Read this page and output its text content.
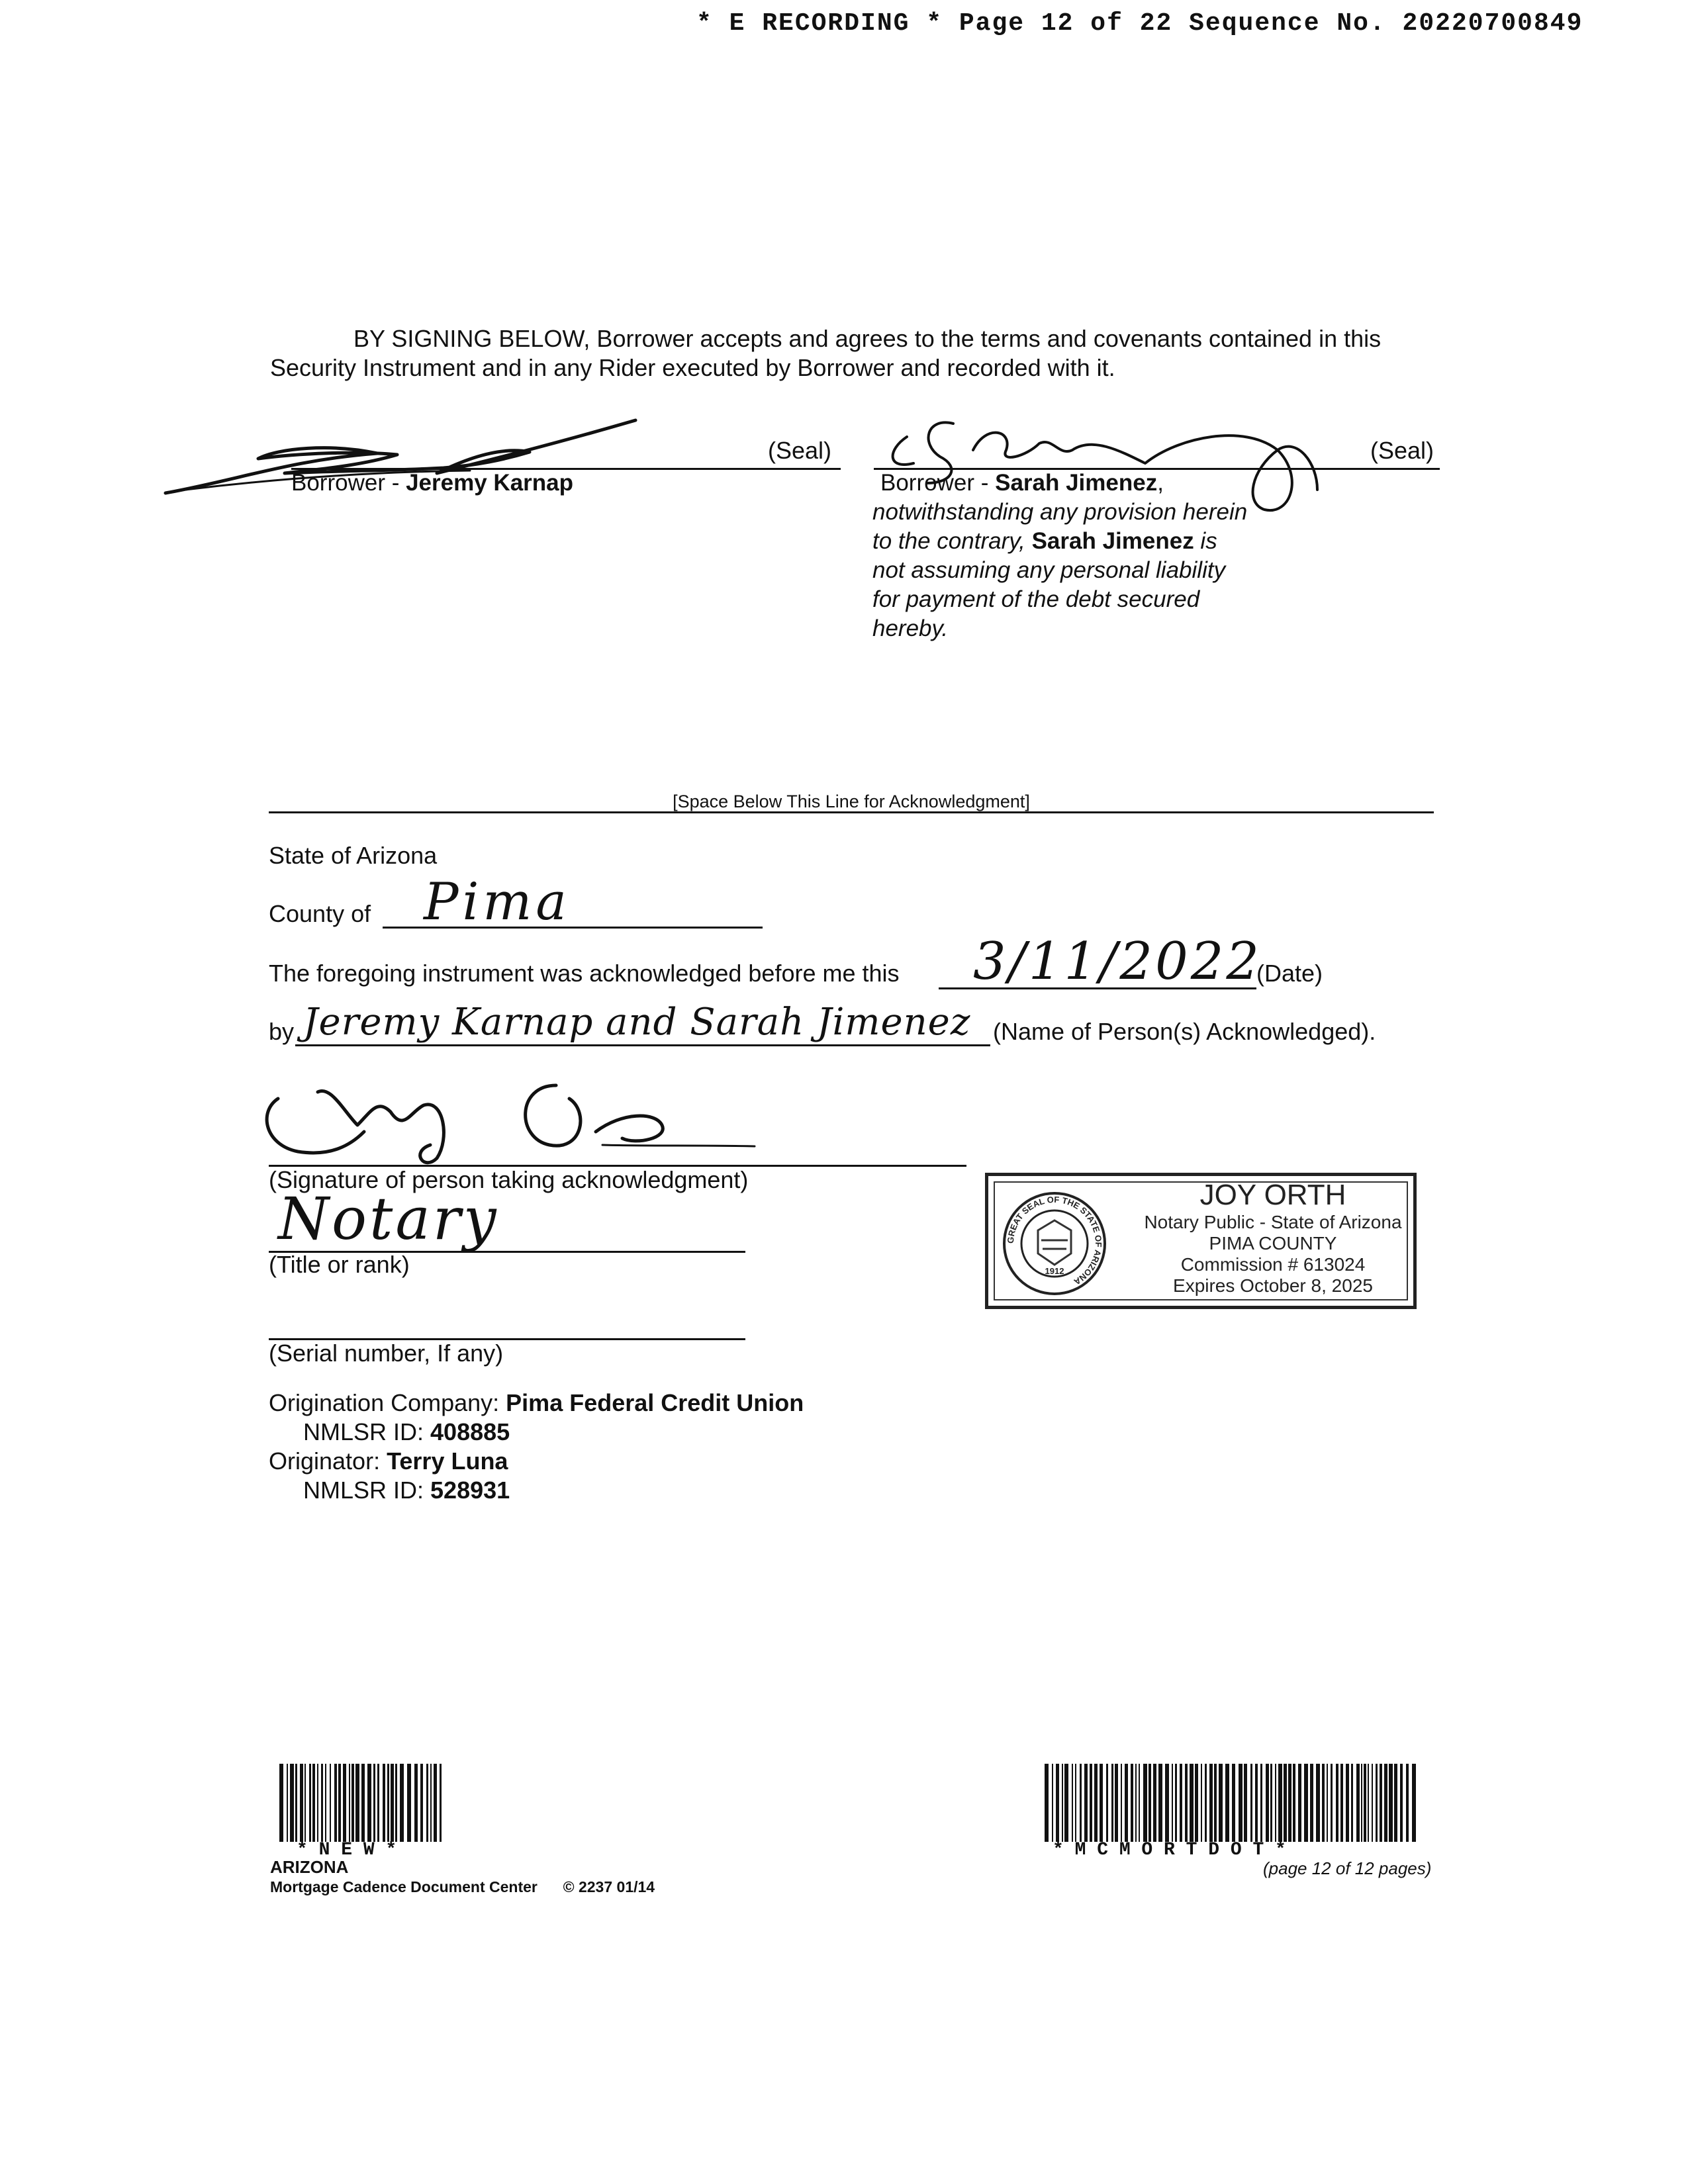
* E RECORDING * Page 12 of 22 Sequence No. 20220700849
BY SIGNING BELOW, Borrower accepts and agrees to the terms and covenants contained in this
Security Instrument and in any Rider executed by Borrower and recorded with it.
(Seal)
Borrower - Jeremy Karnap
(Seal)
Borrower - Sarah Jimenez,
notwithstanding any provision herein
to the contrary, Sarah Jimenez is
not assuming any personal liability
for payment of the debt secured
hereby.
[Space Below This Line for Acknowledgment]
State of Arizona
County of Pima
The foregoing instrument was acknowledged before me this 3/11/2022
(Date)
by Jeremy Karnap and Sarah Jimenez (Name of Person(s) Acknowledged).
(Signature of person taking acknowledgment)
Notary
(Title or rank)
(Serial number, If any)
GREAT SEAL OF THE STATE OF ARIZONA
1912
JOY ORTH
Notary Public - State of Arizona
PIMA COUNTY
Commission # 613024
Expires October 8, 2025
Origination Company: Pima Federal Credit Union
NMLSR ID: 408885
Originator: Terry Luna
NMLSR ID: 528931
* N E W *
ARIZONA
Mortgage Cadence Document Center © 2237 01/14
* M C M O R T D O T *
(page 12 of 12 pages)
